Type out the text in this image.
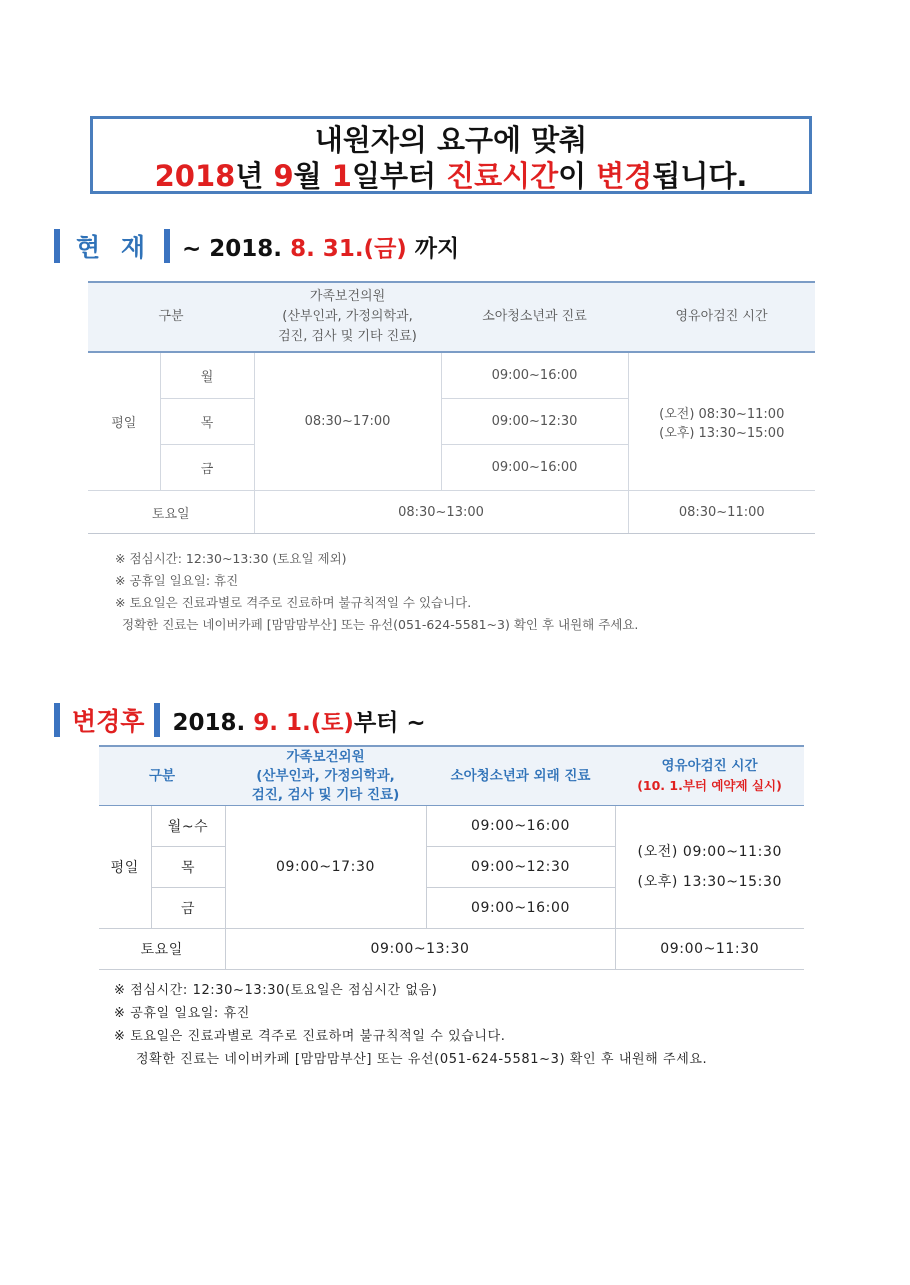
내원자의 요구에 맞춰
2018년 9월 1일부터 진료시간이 변경됩니다.
현 재	~ 2018. 8. 31.(금) 까지
구분		가족보건의원
(산부인과, 가정의학과,
검진, 검사 및 기타 진료)	소아청소년과 진료	영유아검진 시간
평일	월	08:30~17:00	09:00~16:00	(오전) 08:30~11:00
(오후) 13:30~15:00
	목		09:00~12:30	
	금		09:00~16:00	
토요일		08:30~13:00		08:30~11:00
※ 점심시간: 12:30~13:30 (토요일 제외)
※ 공휴일 일요일: 휴진
※ 토요일은 진료과별로 격주로 진료하며 불규칙적일 수 있습니다.
정확한 진료는 네이버카페 [맘맘맘부산] 또는 유선(051-624-5581~3) 확인 후 내원해 주세요.
변경후	2018. 9. 1.(토)부터 ~
구분		가족보건외원
(산부인과, 가정의학과,
검진, 검사 및 기타 진료)	소아청소년과 외래 진료	영유아검진 시간
(10. 1.부터 예약제 실시)
평일	월~수	09:00~17:30	09:00~16:00	(오전) 09:00~11:30
(오후) 13:30~15:30
	목		09:00~12:30	
	금		09:00~16:00	
토요일		09:00~13:30		09:00~11:30
※ 점심시간: 12:30~13:30(토요일은 점심시간 없음)
※ 공휴일 일요일: 휴진
※ 토요일은 진료과별로 격주로 진료하며 불규칙적일 수 있습니다.
정확한 진료는 네이버카페 [맘맘맘부산] 또는 유선(051-624-5581~3) 확인 후 내원해 주세요.
